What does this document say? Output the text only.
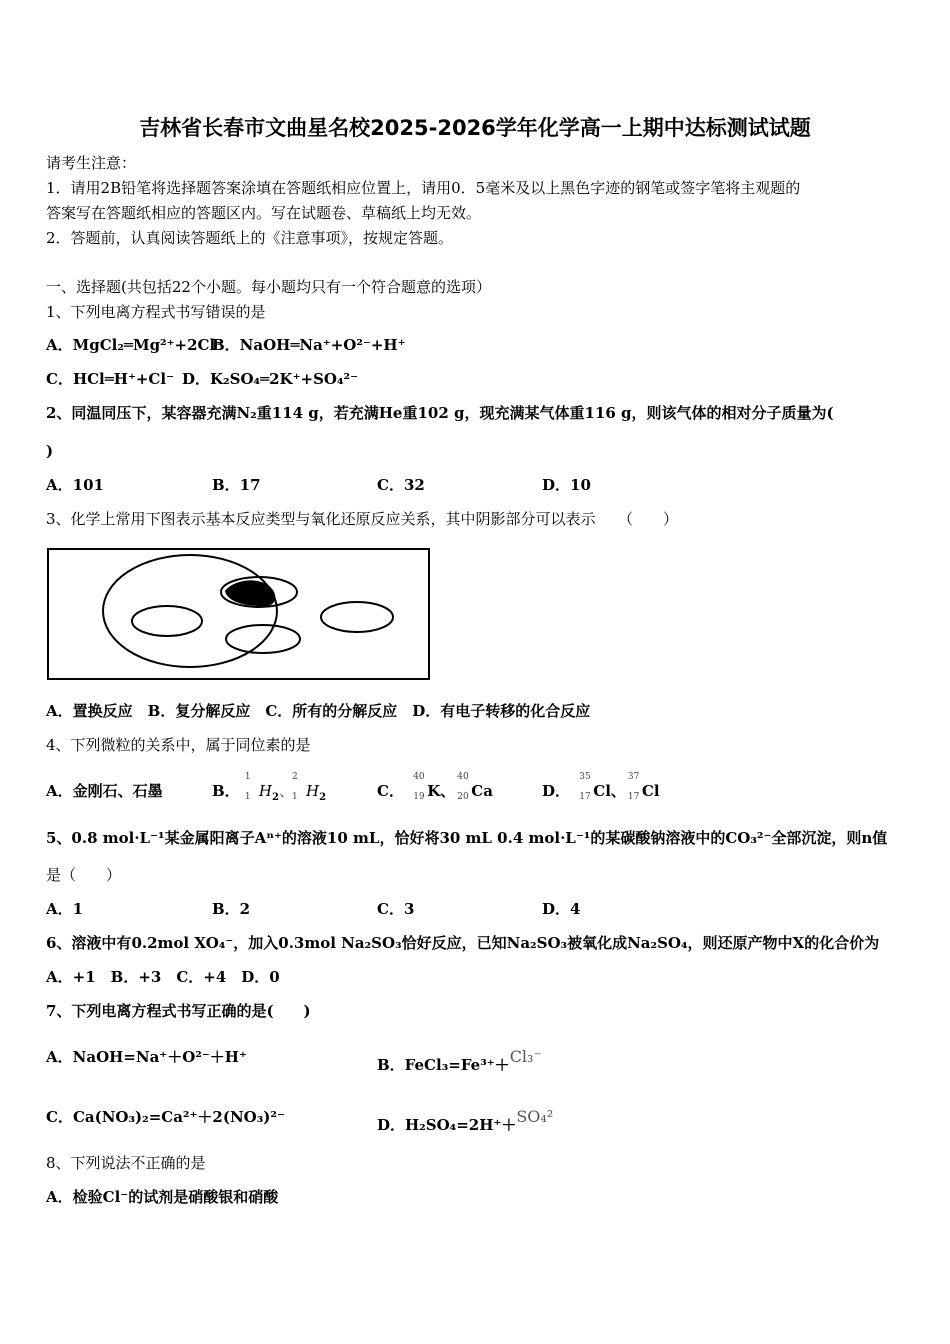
吉林省长春市文曲星名校2025-2026学年化学高一上期中达标测试试题
请考生注意：
1．请用2B铅笔将选择题答案涂填在答题纸相应位置上，请用0．5毫米及以上黑色字迹的钢笔或签字笔将主观题的
答案写在答题纸相应的答题区内。写在试题卷、草稿纸上均无效。
2．答题前，认真阅读答题纸上的《注意事项》，按规定答题。
一、选择题(共包括22个小题。每小题均只有一个符合题意的选项）
1、下列电离方程式书写错误的是
A．MgCl₂═Mg²⁺+2Cl⁻
B．NaOH═Na⁺+O²⁻+H⁺
C．HCl═H⁺+Cl⁻ D．K₂SO₄═2K⁺+SO₄²⁻
2、同温同压下，某容器充满N₂重114 g，若充满He重102 g，现充满某气体重116 g，则该气体的相对分子质量为(
)
A．101	B．17	C．32	D．10
3、化学上常用下图表示基本反应类型与氧化还原反应关系，其中阴影部分可以表示　　（　　）
A．置换反应　B．复分解反应　C．所有的分解反应　D．有电子转移的化合反应
4、下列微粒的关系中，属于同位素的是
A．金刚石、石墨	B．
1
1 $H_2$、
2
1 $H_2$	C．
40
19 K、
40
20 Ca	D．
35
17 Cl、
37
17 Cl
5、0.8 mol·L⁻¹某金属阳离子Aⁿ⁺的溶液10 mL，恰好将30 mL 0.4 mol·L⁻¹的某碳酸钠溶液中的CO₃²⁻全部沉淀，则n值
是（　　）
A．1	B．2	C．3	D．4
6、溶液中有0.2mol XO₄⁻，加入0.3mol Na₂SO₃恰好反应，已知Na₂SO₃被氧化成Na₂SO₄，则还原产物中X的化合价为
A．+1　B．+3　C．+4　D．0
7、下列电离方程式书写正确的是(　　)
A．NaOH=Na⁺＋O²⁻＋H⁺	B．FeCl₃=Fe³⁺＋Cl₃⁻
C．Ca(NO₃)₂=Ca²⁺＋2(NO₃)²⁻	D．H₂SO₄=2H⁺＋SO₄²
8、下列说法不正确的是
A．检验Cl⁻的试剂是硝酸银和硝酸
